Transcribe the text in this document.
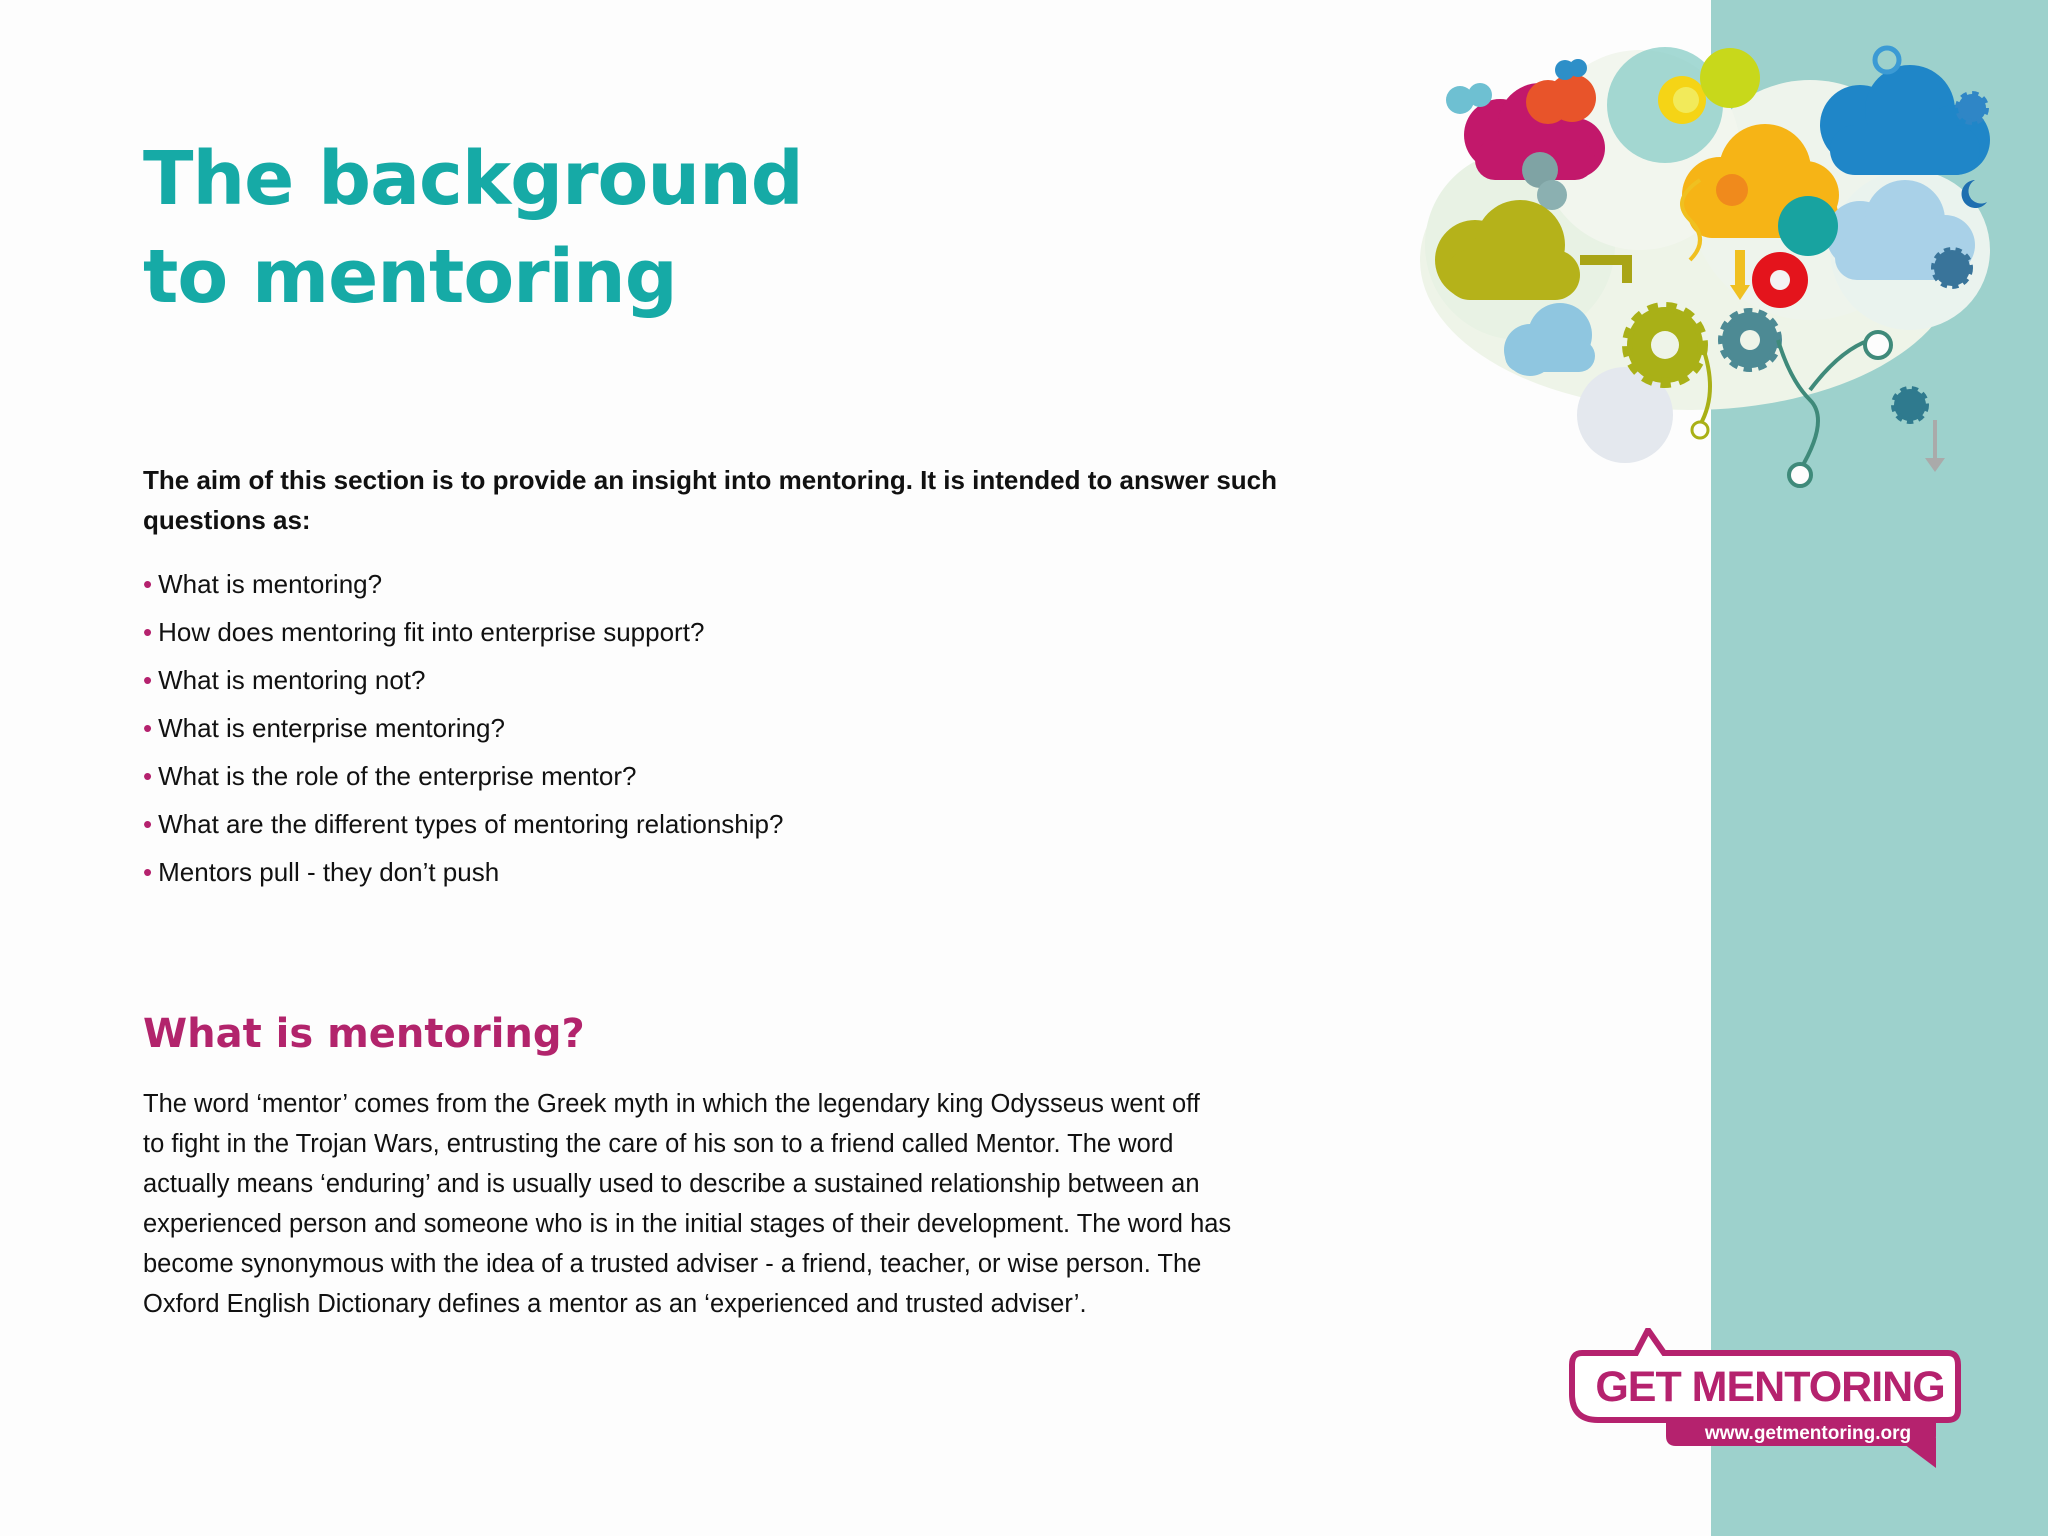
The background
to mentoring

The aim of this section is to provide an insight into mentoring. It is intended to answer such questions as:

• What is mentoring?
• How does mentoring fit into enterprise support?
• What is mentoring not?
• What is enterprise mentoring?
• What is the role of the enterprise mentor?
• What are the different types of mentoring relationship?
• Mentors pull - they don’t push
What is mentoring?
The word ‘mentor’ comes from the Greek myth in which the legendary king Odysseus went off
to fight in the Trojan Wars, entrusting the care of his son to a friend called Mentor. The word
actually means ‘enduring’ and is usually used to describe a sustained relationship between an
experienced person and someone who is in the initial stages of their development. The word has
become synonymous with the idea of a trusted adviser - a friend, teacher, or wise person. The
Oxford English Dictionary defines a mentor as an ‘experienced and trusted adviser’.
GET MENTORING
www.getmentoring.org
